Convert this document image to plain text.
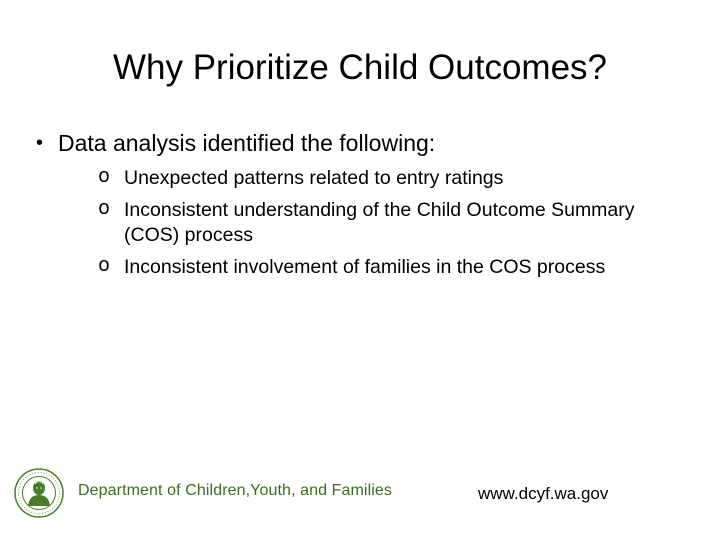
Why Prioritize Child Outcomes?
• Data analysis identified the following:
o Unexpected patterns related to entry ratings
o Inconsistent understanding of the Child Outcome Summary (COS) process
o Inconsistent involvement of families in the COS process
Department of Children,Youth, and Families	www.dcyf.wa.gov
